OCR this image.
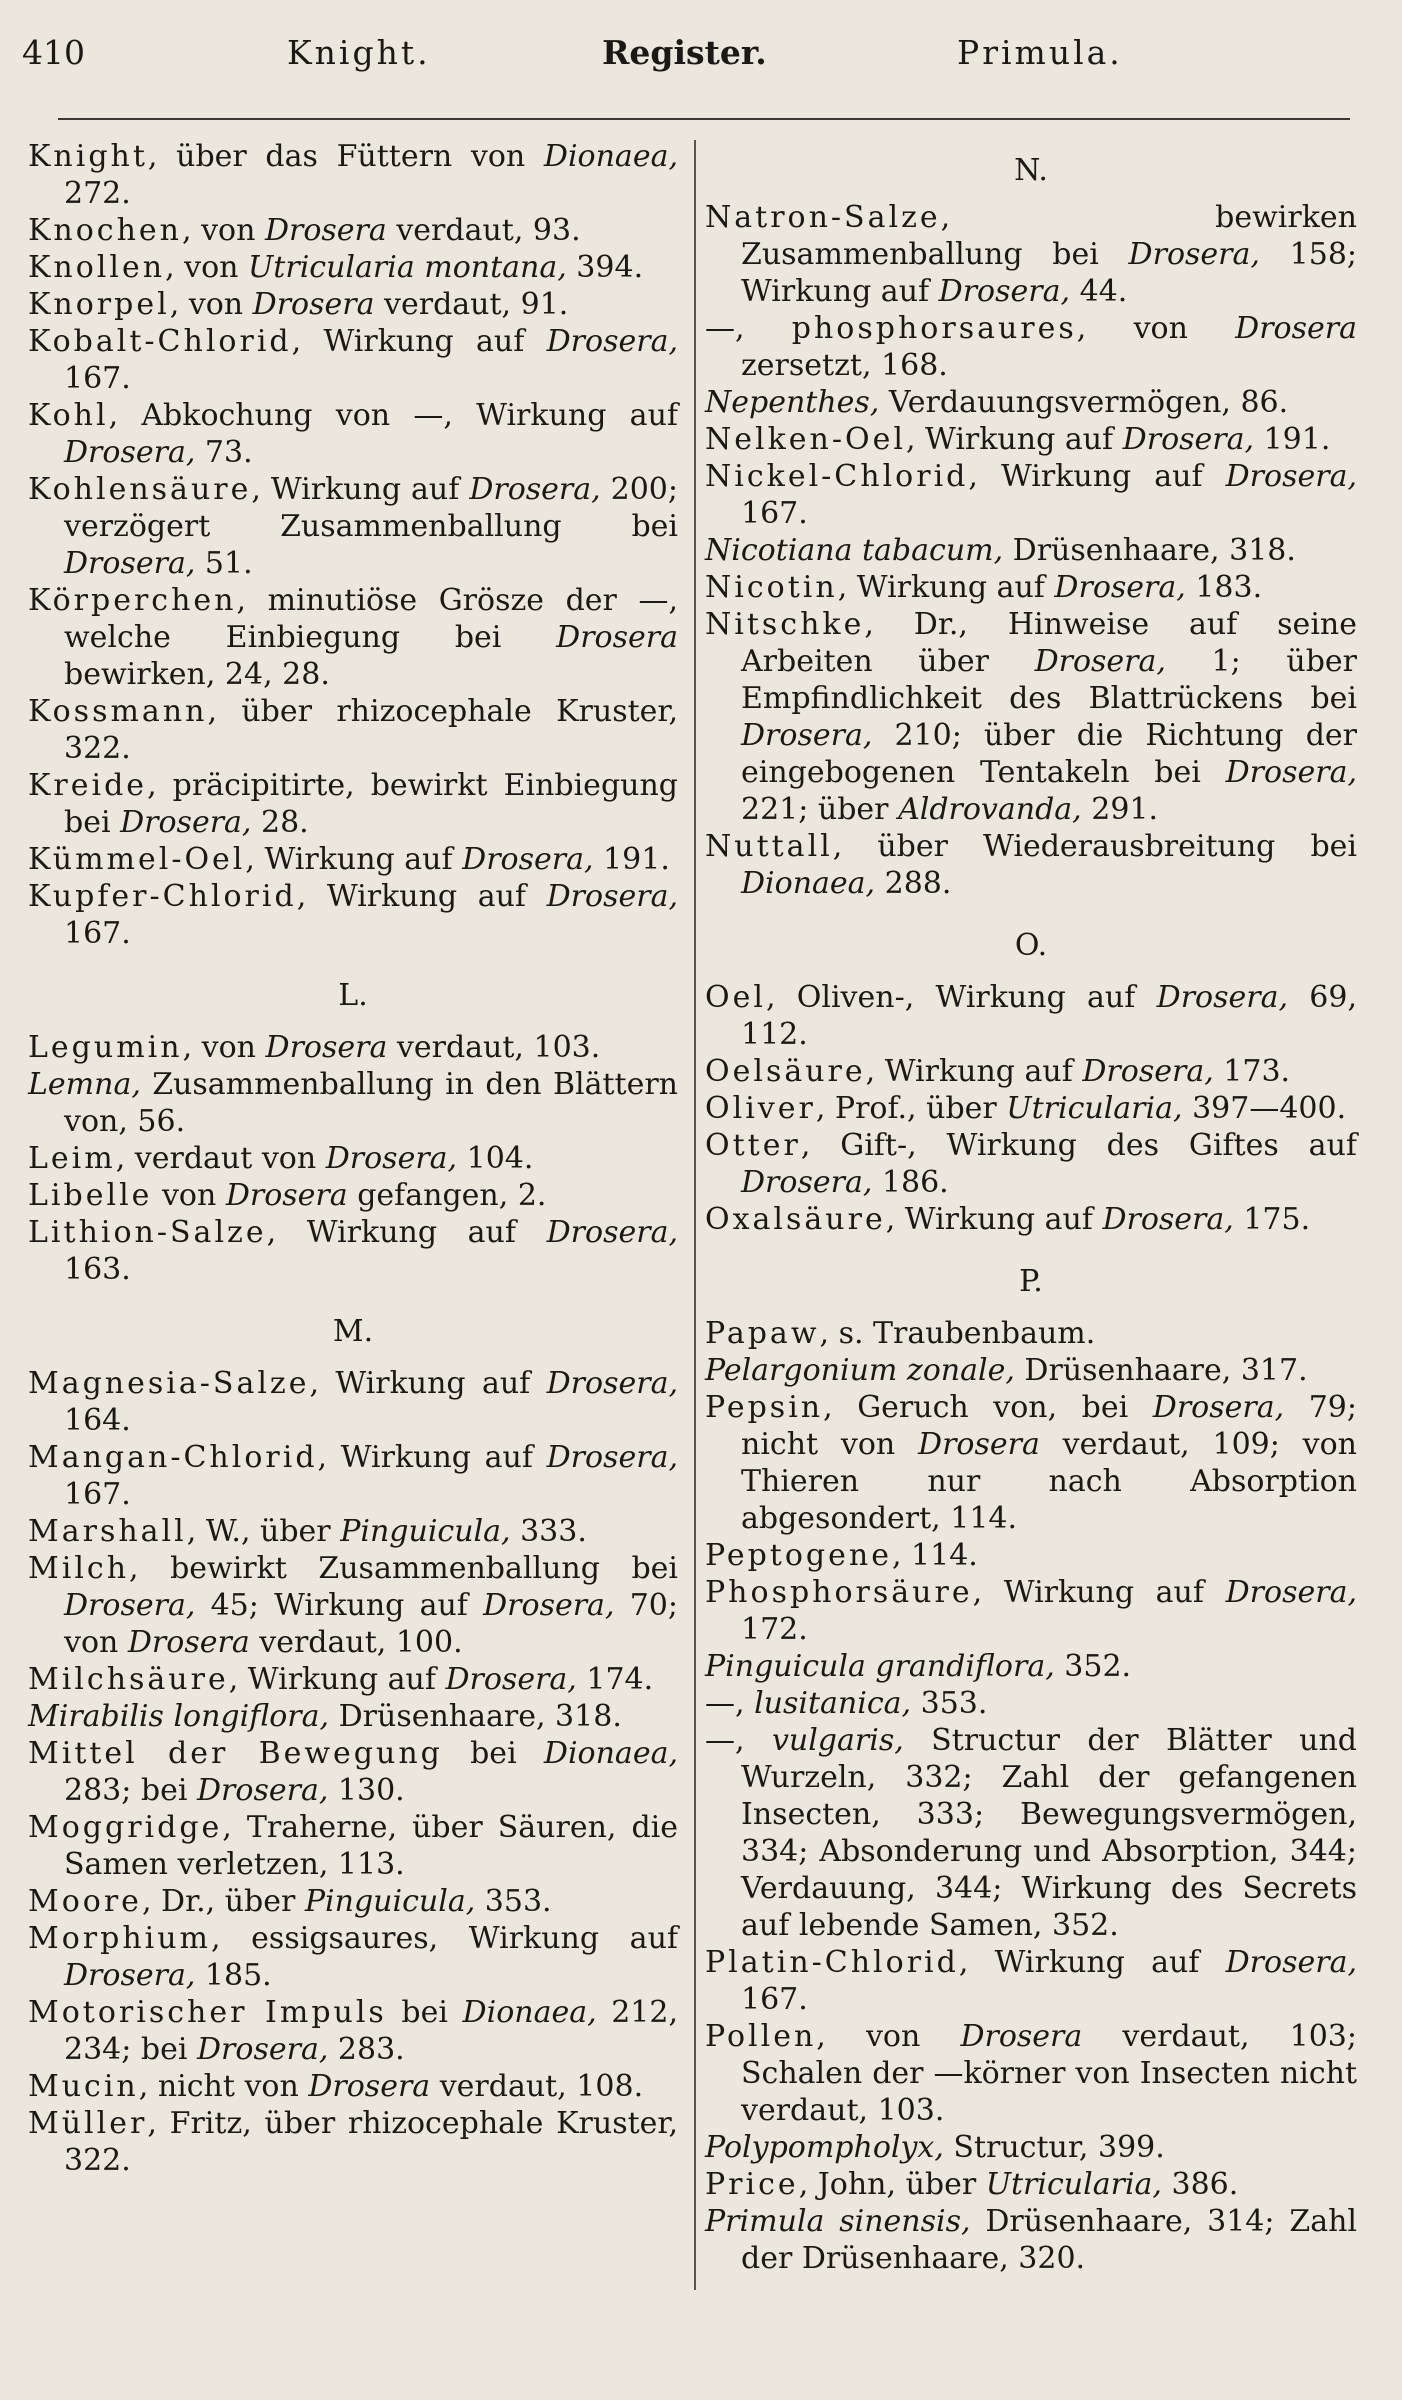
410	Knight.	Register.	Primula.

Knight, über das Füttern von Dionaea, 272.

Knochen, von Drosera verdaut, 93.

Knollen, von Utricularia montana, 394.

Knorpel, von Drosera verdaut, 91.

Kobalt-Chlorid, Wirkung auf Drosera, 167.

Kohl, Abkochung von —, Wirkung auf Drosera, 73.

Kohlensäure, Wirkung auf Drosera, 200; verzögert Zusammenballung bei Drosera, 51.

Körperchen, minutiöse Grösze der —, welche Einbiegung bei Drosera bewirken, 24, 28.

Kossmann, über rhizocephale Kruster, 322.

Kreide, präcipitirte, bewirkt Einbiegung bei Drosera, 28.

Kümmel-Oel, Wirkung auf Drosera, 191.

Kupfer-Chlorid, Wirkung auf Drosera, 167.

L.

Legumin, von Drosera verdaut, 103.

Lemna, Zusammenballung in den Blättern von, 56.

Leim, verdaut von Drosera, 104.

Libelle von Drosera gefangen, 2.

Lithion-Salze, Wirkung auf Drosera, 163.

M.

Magnesia-Salze, Wirkung auf Drosera, 164.

Mangan-Chlorid, Wirkung auf Drosera, 167.

Marshall, W., über Pinguicula, 333.

Milch, bewirkt Zusammenballung bei Drosera, 45; Wirkung auf Drosera, 70; von Drosera verdaut, 100.

Milchsäure, Wirkung auf Drosera, 174.

Mirabilis longiflora, Drüsenhaare, 318.

Mittel der Bewegung bei Dionaea, 283; bei Drosera, 130.

Moggridge, Traherne, über Säuren, die Samen verletzen, 113.

Moore, Dr., über Pinguicula, 353.

Morphium, essigsaures, Wirkung auf Drosera, 185.

Motorischer Impuls bei Dionaea, 212, 234; bei Drosera, 283.

Mucin, nicht von Drosera verdaut, 108.

Müller, Fritz, über rhizocephale Kruster, 322.

N.

Natron-Salze, bewirken Zusammenballung bei Drosera, 158; Wirkung auf Drosera, 44.

—, phosphorsaures, von Drosera zersetzt, 168.

Nepenthes, Verdauungsvermögen, 86.

Nelken-Oel, Wirkung auf Drosera, 191.

Nickel-Chlorid, Wirkung auf Drosera, 167.

Nicotiana tabacum, Drüsenhaare, 318.

Nicotin, Wirkung auf Drosera, 183.

Nitschke, Dr., Hinweise auf seine Arbeiten über Drosera, 1; über Empfindlichkeit des Blattrückens bei Drosera, 210; über die Richtung der eingebogenen Tentakeln bei Drosera, 221; über Aldrovanda, 291.

Nuttall, über Wiederausbreitung bei Dionaea, 288.

O.

Oel, Oliven-, Wirkung auf Drosera, 69, 112.

Oelsäure, Wirkung auf Drosera, 173.

Oliver, Prof., über Utricularia, 397—400.

Otter, Gift-, Wirkung des Giftes auf Drosera, 186.

Oxalsäure, Wirkung auf Drosera, 175.

P.

Papaw, s. Traubenbaum.

Pelargonium zonale, Drüsenhaare, 317.

Pepsin, Geruch von, bei Drosera, 79; nicht von Drosera verdaut, 109; von Thieren nur nach Absorption abgesondert, 114.

Peptogene, 114.

Phosphorsäure, Wirkung auf Drosera, 172.

Pinguicula grandiflora, 352.

—, lusitanica, 353.

—, vulgaris, Structur der Blätter und Wurzeln, 332; Zahl der gefangenen Insecten, 333; Bewegungsvermögen, 334; Absonderung und Absorption, 344; Verdauung, 344; Wirkung des Secrets auf lebende Samen, 352.

Platin-Chlorid, Wirkung auf Drosera, 167.

Pollen, von Drosera verdaut, 103; Schalen der —körner von Insecten nicht verdaut, 103.

Polypompholyx, Structur, 399.

Price, John, über Utricularia, 386.

Primula sinensis, Drüsenhaare, 314; Zahl der Drüsenhaare, 320.
